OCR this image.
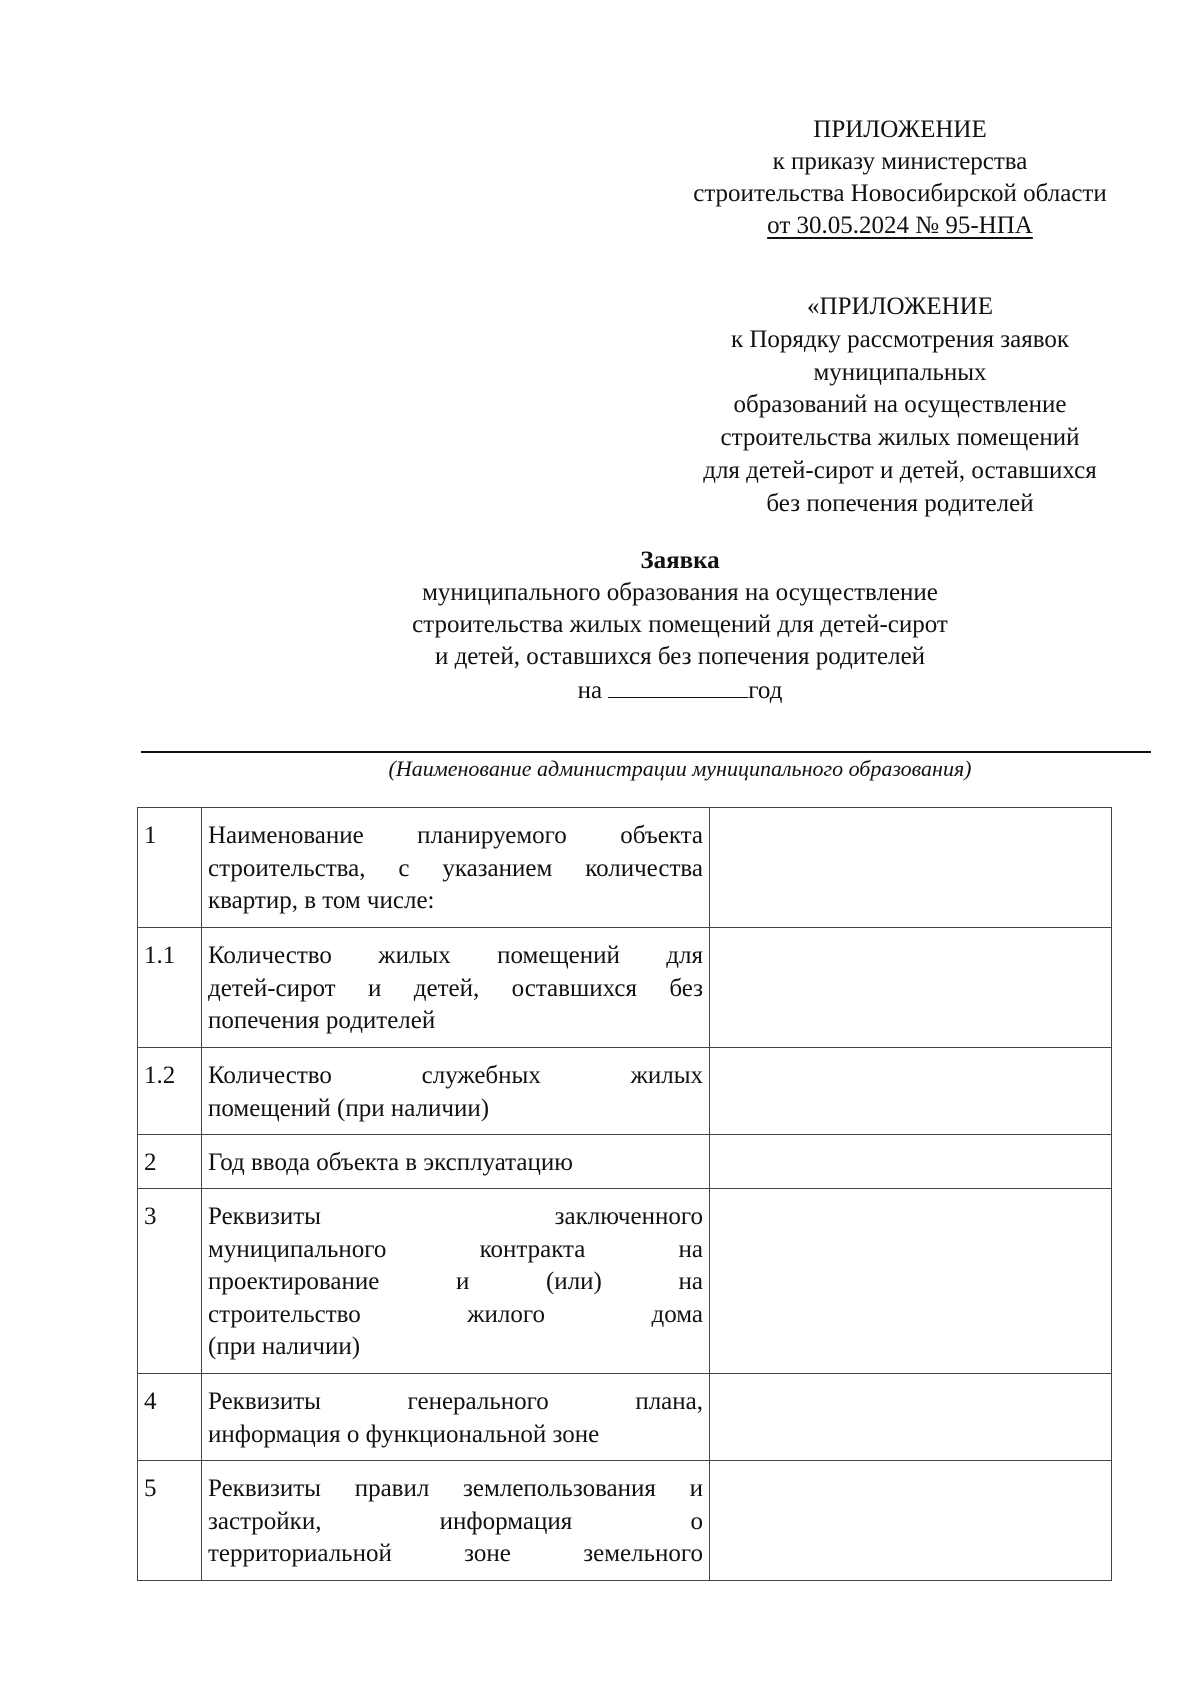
ПРИЛОЖЕНИЕ
к приказу министерства
строительства Новосибирской области
от 30.05.2024 № 95-НПА
«ПРИЛОЖЕНИЕ
к Порядку рассмотрения заявок
муниципальных
образований на осуществление
строительства жилых помещений
для детей-сирот и детей, оставшихся
без попечения родителей
Заявка
муниципального образования на осуществление
строительства жилых помещений для детей-сирот
и детей, оставшихся без попечения родителей
на	год
(Наименование администрации муниципального образования)
1	Наименование планируемого объекта
строительства, с указанием количества
квартир, в том числе:	

1.1	Количество жилых помещений для
детей-сирот и детей, оставшихся без
попечения родителей	

1.2	Количество служебных жилых
помещений (при наличии)	

2	Год ввода объекта в эксплуатацию	

3	Реквизиты заключенного
муниципального контракта на
проектирование и (или) на
строительство жилого дома
(при наличии)	

4	Реквизиты генерального плана,
информация о функциональной зоне	

5	Реквизиты правил землепользования и
застройки, информация о
территориальной зоне земельного	
